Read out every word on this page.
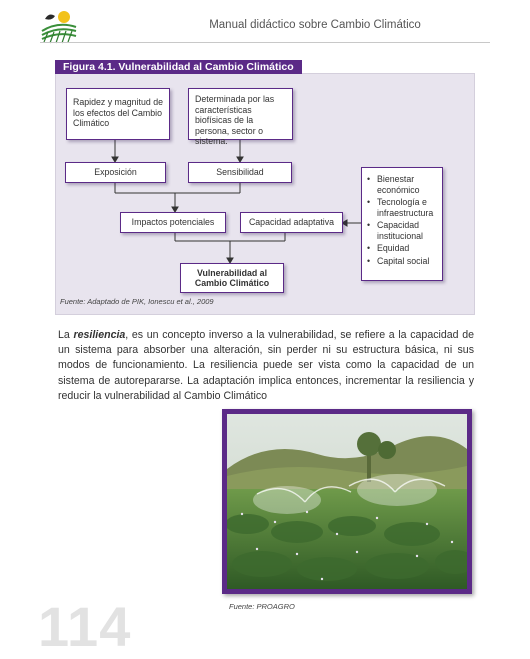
Manual didáctico sobre Cambio Climático
Figura 4.1. Vulnerabilidad al Cambio Climático
Rapidez y magnitud de los efectos del Cambio Climático
Determinada por las características biofísicas de la persona, sector o sistema.
Exposición	Sensibilidad
Impactos potenciales	Capacidad adaptativa
Vulnerabilidad al Cambio Climático
• Bienestar económico
• Tecnología e infraestructura
• Capacidad institucional
• Equidad
• Capital social
Fuente: Adaptado de PIK, Ionescu et al., 2009
La resiliencia, es un concepto inverso a la vulnerabilidad, se refiere a la capacidad de un sistema para absorber una alteración, sin perder ni su estructura básica, ni sus modos de funcionamiento. La resiliencia puede ser vista como la capacidad de un sistema de autorepararse. La adaptación implica entonces, incrementar la resiliencia y reducir la vulnerabilidad al Cambio Climático
Fuente: PROAGRO
114
